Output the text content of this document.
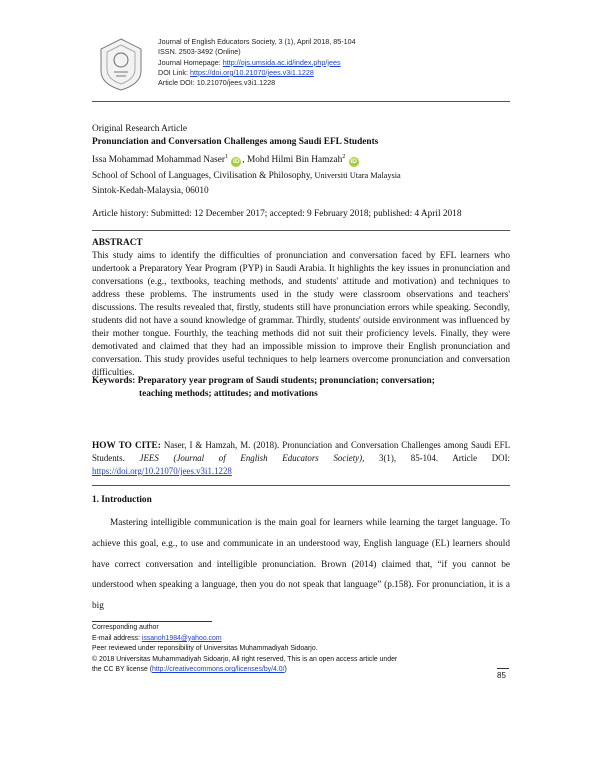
Journal of English Educators Society, 3 (1), April 2018, 85-104
ISSN. 2503-3492 (Online)
Journal Homepage: http://ojs.umsida.ac.id/index.php/jees
DOI Link: https://doi.org/10.21070/jees.v3i1.1228
Article DOI: 10.21070/jees.v3i1.1228
Original Research Article
Pronunciation and Conversation Challenges among Saudi EFL Students
Issa Mohammad Mohammad Naser$^1$ iD , Mohd Hilmi Bin Hamzah$^2$ iD
School of School of Languages, Civilisation & Philosophy, Universiti Utara Malaysia
Sintok-Kedah-Malaysia, 06010
Article history: Submitted: 12 December 2017; accepted: 9 February 2018; published: 4 April 2018
ABSTRACT
This study aims to identify the difficulties of pronunciation and conversation faced by EFL learners who undertook a Preparatory Year Program (PYP) in Saudi Arabia. It highlights the key issues in pronunciation and conversations (e.g., textbooks, teaching methods, and students' attitude and motivation) and techniques to address these problems. The instruments used in the study were classroom observations and teachers' discussions. The results revealed that, firstly, students still have pronunciation errors while speaking. Secondly, students did not have a sound knowledge of grammar. Thirdly, students' outside environment was influenced by their mother tongue. Fourthly, the teaching methods did not suit their proficiency levels. Finally, they were demotivated and claimed that they had an impossible mission to improve their English pronunciation and conversation. This study provides useful techniques to help learners overcome pronunciation and conversation difficulties.
Keywords: Preparatory year program of Saudi students; pronunciation; conversation;
teaching methods; attitudes; and motivations
HOW TO CITE: Naser, I & Hamzah, M. (2018). Pronunciation and Conversation Challenges among Saudi EFL Students. JEES (Journal of English Educators Society), 3(1), 85-104. Article DOI: https://doi.org/10.21070/jees.v3i1.1228
1. Introduction
Mastering intelligible communication is the main goal for learners while learning the target language. To achieve this goal, e.g., to use and communicate in an understood way, English language (EL) learners should have correct conversation and intelligible pronunciation. Brown (2014) claimed that, “if you cannot be understood when speaking a language, then you do not speak that language” (p.158). For pronunciation, it is a big
Corresponding author
E-mail address: issanoh1984@yahoo.com
Peer reviewed under reponsibility of Universitas Muhammadiyah Sidoarjo.
© 2018 Universitas Muhammadiyah Sidoarjo, All right reserved, This is an open access article under
the CC BY license (http://creativecommons.org/licenses/by/4.0/)
85
